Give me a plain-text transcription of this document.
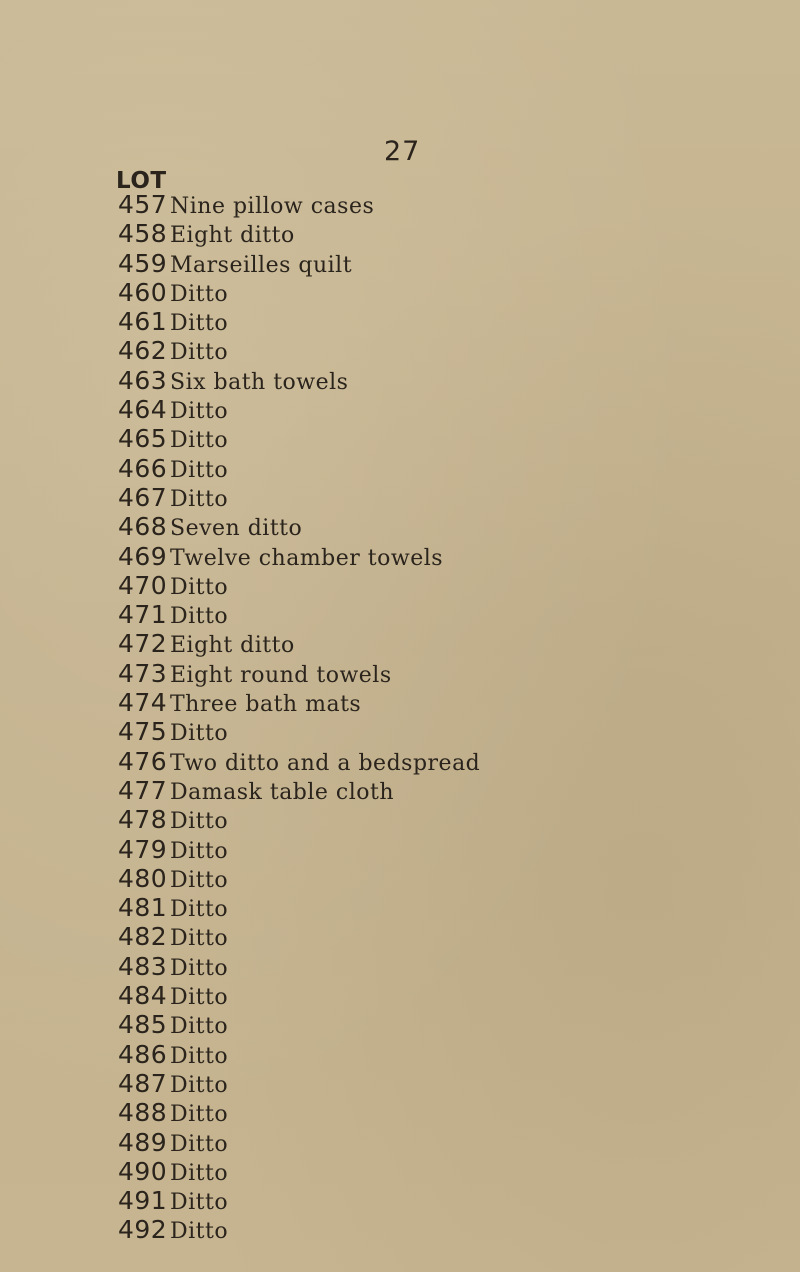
27
LOT
457 Nine pillow cases
458 Eight ditto
459 Marseilles quilt
460 Ditto
461 Ditto
462 Ditto
463 Six bath towels
464 Ditto
465 Ditto
466 Ditto
467 Ditto
468 Seven ditto
469 Twelve chamber towels
470 Ditto
471 Ditto
472 Eight ditto
473 Eight round towels
474 Three bath mats
475 Ditto
476 Two ditto and a bedspread
477 Damask table cloth
478 Ditto
479 Ditto
480 Ditto
481 Ditto
482 Ditto
483 Ditto
484 Ditto
485 Ditto
486 Ditto
487 Ditto
488 Ditto
489 Ditto
490 Ditto
491 Ditto
492 Ditto
